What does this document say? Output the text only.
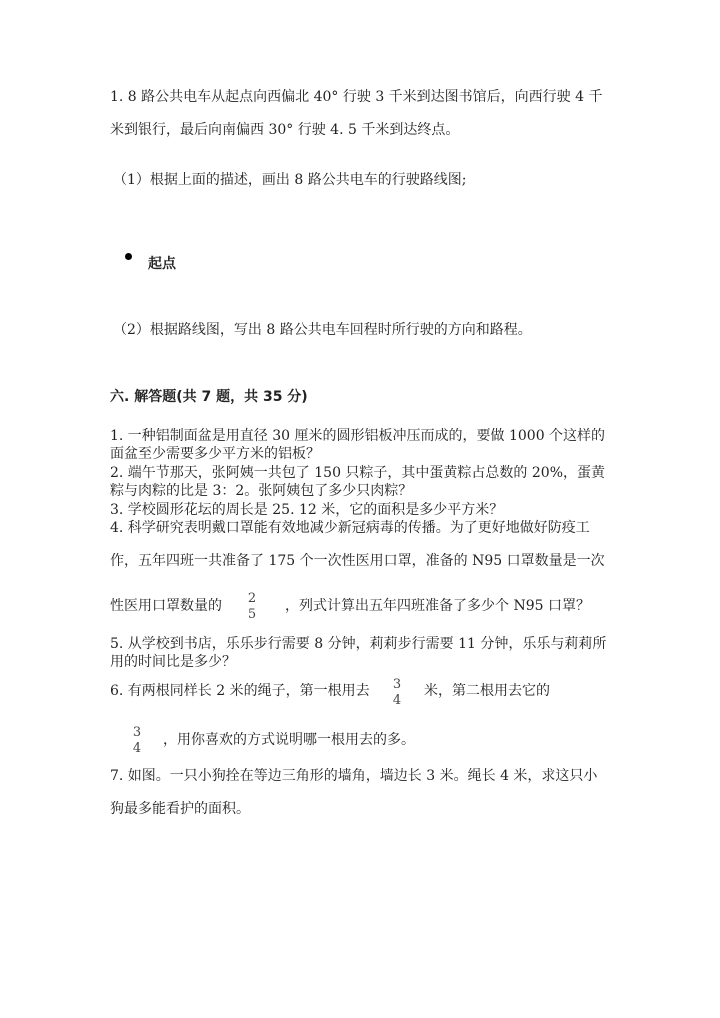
1. 8 路公共电车从起点向西偏北 40° 行驶 3 千米到达图书馆后，向西行驶 4 千
米到银行，最后向南偏西 30° 行驶 4. 5 千米到达终点。
（1）根据上面的描述，画出 8 路公共电车的行驶路线图;
起点
（2）根据路线图，写出 8 路公共电车回程时所行驶的方向和路程。
六. 解答题(共 7 题，共 35 分)
1. 一种铝制面盆是用直径 30 厘米的圆形铝板冲压而成的，要做 1000 个这样的
面盆至少需要多少平方米的铝板？
2. 端午节那天，张阿姨一共包了 150 只粽子，其中蛋黄粽占总数的 20%，蛋黄
粽与肉粽的比是 3：2。张阿姨包了多少只肉粽？
3. 学校圆形花坛的周长是 25. 12 米，它的面积是多少平方米？
4. 科学研究表明戴口罩能有效地减少新冠病毒的传播。为了更好地做好防疫工
作，五年四班一共准备了 175 个一次性医用口罩，准备的 N95 口罩数量是一次
性医用口罩数量的 2
5
，列式计算出五年四班准备了多少个 N95 口罩？
5. 从学校到书店，乐乐步行需要 8 分钟，莉莉步行需要 11 分钟，乐乐与莉莉所
用的时间比是多少？
6. 有两根同样长 2 米的绳子，第一根用去 3
4
米，第二根用去它的
3
4
，用你喜欢的方式说明哪一根用去的多。
7. 如图。一只小狗拴在等边三角形的墙角，墙边长 3 米。绳长 4 米，求这只小
狗最多能看护的面积。
